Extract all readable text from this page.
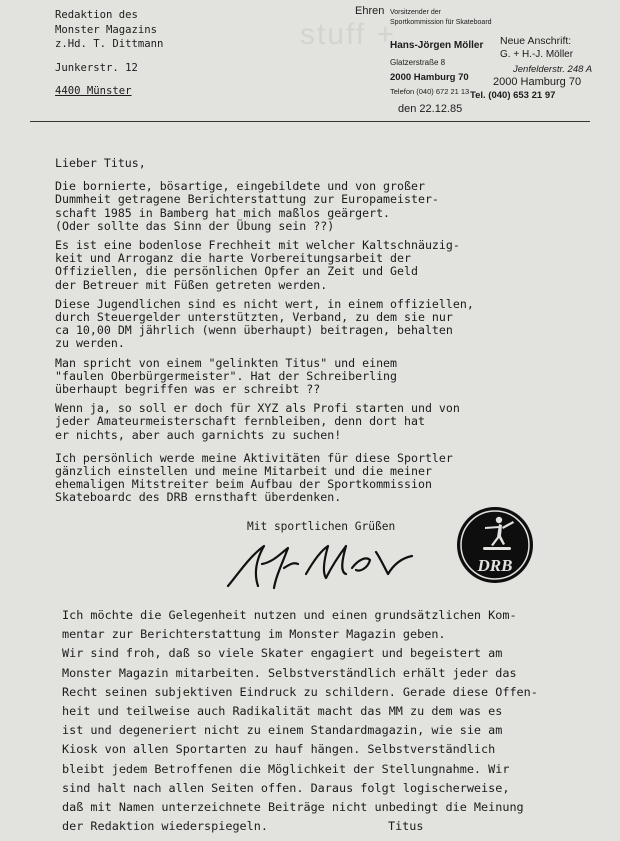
stuff +
Redaktion des
Monster Magazins
z.Hd. T. Dittmann
Junkerstr. 12
4400 Münster
Ehren Vorsitzender der
Sportkommission für Skateboard
Hans-Jörgen Möller
Glatzerstraße 8
2000 Hamburg 70
Telefon (040) 672 21 13
Neue Anschrift:
G. + H.-J. Möller
Jenfelderstr. 248 A
2000 Hamburg 70
Tel. (040) 653 21 97
den 22.12.85

Lieber Titus,

Die bornierte, bösartige, eingebildete und von großer
Dummheit getragene Berichterstattung zur Europameister-
schaft 1985 in Bamberg hat mich maßlos geärgert.
(Oder sollte das Sinn der Übung sein ??)

Es ist eine bodenlose Frechheit mit welcher Kaltschnäuzig-
keit und Arroganz die harte Vorbereitungsarbeit der
Offiziellen, die persönlichen Opfer an Zeit und Geld
der Betreuer mit Füßen getreten werden.

Diese Jugendlichen sind es nicht wert, in einem offiziellen,
durch Steuergelder unterstützten, Verband, zu dem sie nur
ca 10,00 DM jährlich (wenn überhaupt) beitragen, behalten
zu werden.

Man spricht von einem "gelinkten Titus" und einem
"faulen Oberbürgermeister". Hat der Schreiberling
überhaupt begriffen was er schreibt ??

Wenn ja, so soll er doch für XYZ als Profi starten und von
jeder Amateurmeisterschaft fernbleiben, denn dort hat
er nichts, aber auch garnichts zu suchen!

Ich persönlich werde meine Aktivitäten für diese Sportler
gänzlich einstellen und meine Mitarbeit und die meiner
ehemaligen Mitstreiter beim Aufbau der Sportkommission
Skateboardc des DRB ernsthaft überdenken.

Mit sportlichen Grüßen
DRB
Ich möchte die Gelegenheit nutzen und einen grundsätzlichen Kom-
mentar zur Berichterstattung im Monster Magazin geben.
Wir sind froh, daß so viele Skater engagiert und begeistert am
Monster Magazin mitarbeiten. Selbstverständlich erhält jeder das
Recht seinen subjektiven Eindruck zu schildern. Gerade diese Offen-
heit und teilweise auch Radikalität macht das MM zu dem was es
ist und degeneriert nicht zu einem Standardmagazin, wie sie am
Kiosk von allen Sportarten zu hauf hängen. Selbstverständlich
bleibt jedem Betroffenen die Möglichkeit der Stellungnahme. Wir
sind halt nach allen Seiten offen. Daraus folgt logischerweise,
daß mit Namen unterzeichnete Beiträge nicht unbedingt die Meinung
der Redaktion wiederspiegeln.	Titus
